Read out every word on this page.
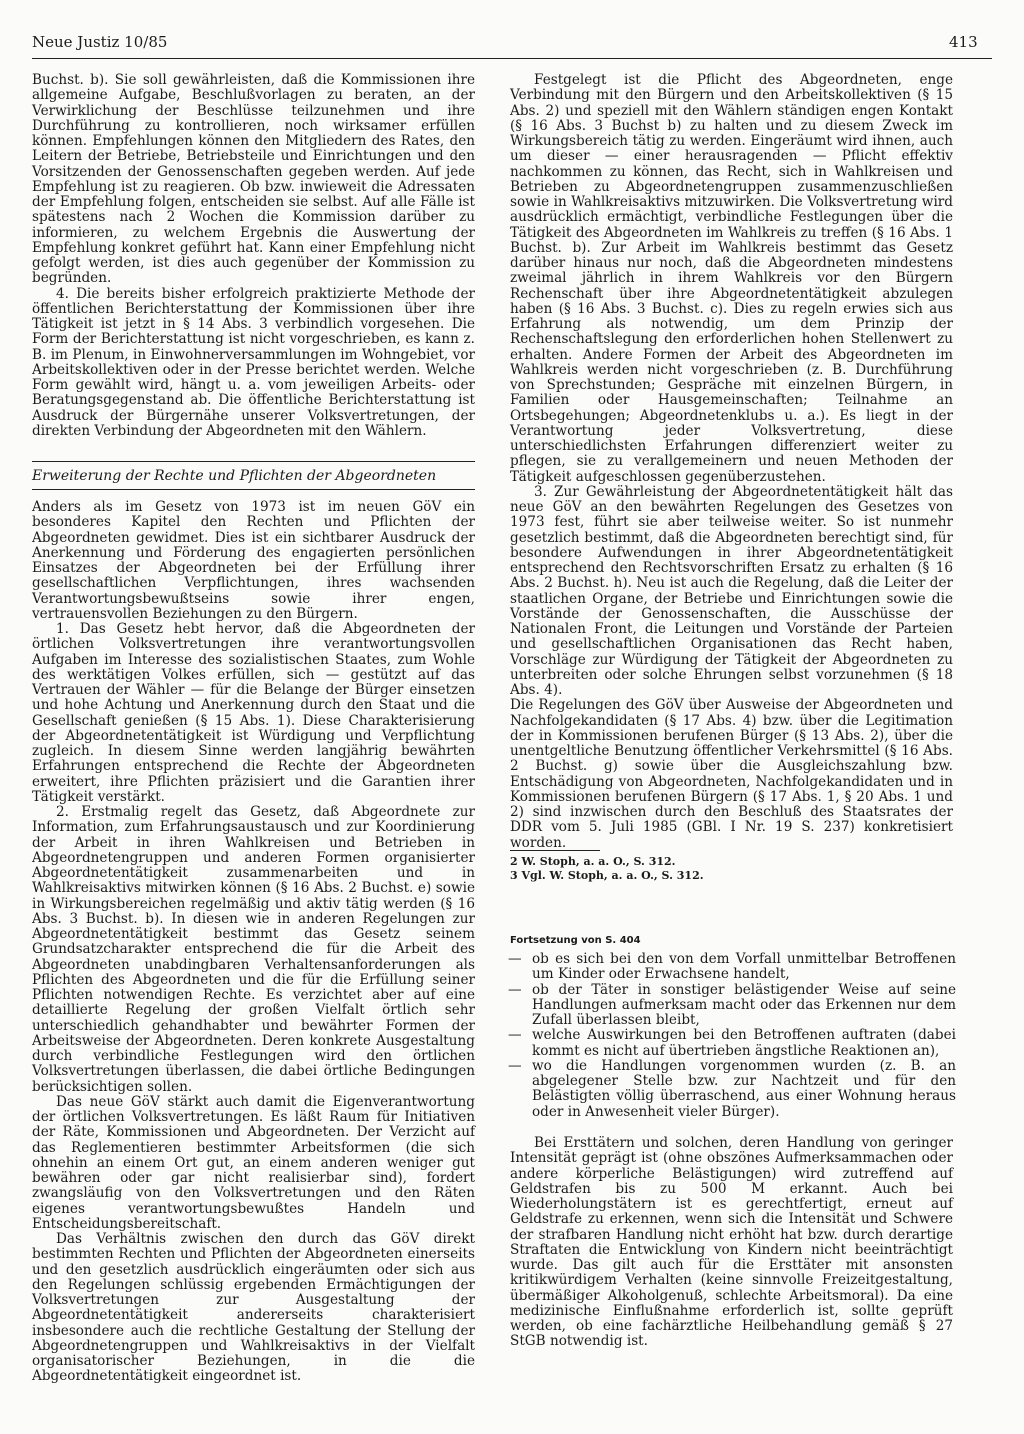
Neue Justiz 10/85	413

Buchst. b). Sie soll gewährleisten, daß die Kommissionen ihre allgemeine Aufgabe, Beschlußvorlagen zu beraten, an der Verwirklichung der Beschlüsse teilzunehmen und ihre Durchführung zu kontrollieren, noch wirksamer erfüllen können. Empfehlungen können den Mitgliedern des Rates, den Leitern der Betriebe, Betriebsteile und Einrichtungen und den Vorsitzenden der Genossenschaften gegeben werden. Auf jede Empfehlung ist zu reagieren. Ob bzw. inwieweit die Adressaten der Empfehlung folgen, entscheiden sie selbst. Auf alle Fälle ist spätestens nach 2 Wochen die Kommission darüber zu informieren, zu welchem Ergebnis die Auswertung der Empfehlung konkret geführt hat. Kann einer Empfehlung nicht gefolgt werden, ist dies auch gegenüber der Kommission zu begründen.

4. Die bereits bisher erfolgreich praktizierte Methode der öffentlichen Berichterstattung der Kommissionen über ihre Tätigkeit ist jetzt in § 14 Abs. 3 verbindlich vorgesehen. Die Form der Berichterstattung ist nicht vorgeschrieben, es kann z. B. im Plenum, in Einwohnerversammlungen im Wohngebiet, vor Arbeitskollektiven oder in der Presse berichtet werden. Welche Form gewählt wird, hängt u. a. vom jeweiligen Arbeits- oder Beratungsgegenstand ab. Die öffentliche Berichterstattung ist Ausdruck der Bürgernähe unserer Volksvertretungen, der direkten Verbindung der Abgeordneten mit den Wählern.

Erweiterung der Rechte und Pflichten der Abgeordneten

Anders als im Gesetz von 1973 ist im neuen GöV ein besonderes Kapitel den Rechten und Pflichten der Abgeordneten gewidmet. Dies ist ein sichtbarer Ausdruck der Anerkennung und Förderung des engagierten persönlichen Einsatzes der Abgeordneten bei der Erfüllung ihrer gesellschaftlichen Verpflichtungen, ihres wachsenden Verantwortungsbewußtseins sowie ihrer engen, vertrauensvollen Beziehungen zu den Bürgern.

1. Das Gesetz hebt hervor, daß die Abgeordneten der örtlichen Volksvertretungen ihre verantwortungsvollen Aufgaben im Interesse des sozialistischen Staates, zum Wohle des werktätigen Volkes erfüllen, sich — gestützt auf das Vertrauen der Wähler — für die Belange der Bürger einsetzen und hohe Achtung und Anerkennung durch den Staat und die Gesellschaft genießen (§ 15 Abs. 1). Diese Charakterisierung der Abgeordnetentätigkeit ist Würdigung und Verpflichtung zugleich. In diesem Sinne werden langjährig bewährten Erfahrungen entsprechend die Rechte der Abgeordneten erweitert, ihre Pflichten präzisiert und die Garantien ihrer Tätigkeit verstärkt.

2. Erstmalig regelt das Gesetz, daß Abgeordnete zur Information, zum Erfahrungsaustausch und zur Koordinierung der Arbeit in ihren Wahlkreisen und Betrieben in Abgeordnetengruppen und anderen Formen organisierter Abgeordnetentätigkeit zusammenarbeiten und in Wahlkreisaktivs mitwirken können (§ 16 Abs. 2 Buchst. e) sowie in Wirkungsbereichen regelmäßig und aktiv tätig werden (§ 16 Abs. 3 Buchst. b). In diesen wie in anderen Regelungen zur Abgeordnetentätigkeit bestimmt das Gesetz seinem Grundsatzcharakter entsprechend die für die Arbeit des Abgeordneten unabdingbaren Verhaltensanforderungen als Pflichten des Abgeordneten und die für die Erfüllung seiner Pflichten notwendigen Rechte. Es verzichtet aber auf eine detaillierte Regelung der großen Vielfalt örtlich sehr unterschiedlich gehandhabter und bewährter Formen der Arbeitsweise der Abgeordneten. Deren konkrete Ausgestaltung durch verbindliche Festlegungen wird den örtlichen Volksvertretungen überlassen, die dabei örtliche Bedingungen berücksichtigen sollen.

Das neue GöV stärkt auch damit die Eigenverantwortung der örtlichen Volksvertretungen. Es läßt Raum für Initiativen der Räte, Kommissionen und Abgeordneten. Der Verzicht auf das Reglementieren bestimmter Arbeitsformen (die sich ohnehin an einem Ort gut, an einem anderen weniger gut bewähren oder gar nicht realisierbar sind), fordert zwangsläufig von den Volksvertretungen und den Räten eigenes verantwortungsbewußtes Handeln und Entscheidungsbereitschaft.

Das Verhältnis zwischen den durch das GöV direkt bestimmten Rechten und Pflichten der Abgeordneten einerseits und den gesetzlich ausdrücklich eingeräumten oder sich aus den Regelungen schlüssig ergebenden Ermächtigungen der Volksvertretungen zur Ausgestaltung der Abgeordnetentätigkeit andererseits charakterisiert insbesondere auch die rechtliche Gestaltung der Stellung der Abgeordnetengruppen und Wahlkreisaktivs in der Vielfalt organisatorischer Beziehungen, in die die Abgeordnetentätigkeit eingeordnet ist.

Festgelegt ist die Pflicht des Abgeordneten, enge Verbindung mit den Bürgern und den Arbeitskollektiven (§ 15 Abs. 2) und speziell mit den Wählern ständigen engen Kontakt (§ 16 Abs. 3 Buchst b) zu halten und zu diesem Zweck im Wirkungsbereich tätig zu werden. Eingeräumt wird ihnen, auch um dieser — einer herausragenden — Pflicht effektiv nachkommen zu können, das Recht, sich in Wahlkreisen und Betrieben zu Abgeordnetengruppen zusammenzuschließen sowie in Wahlkreisaktivs mitzuwirken. Die Volksvertretung wird ausdrücklich ermächtigt, verbindliche Festlegungen über die Tätigkeit des Abgeordneten im Wahlkreis zu treffen (§ 16 Abs. 1 Buchst. b). Zur Arbeit im Wahlkreis bestimmt das Gesetz darüber hinaus nur noch, daß die Abgeordneten mindestens zweimal jährlich in ihrem Wahlkreis vor den Bürgern Rechenschaft über ihre Abgeordnetentätigkeit abzulegen haben (§ 16 Abs. 3 Buchst. c). Dies zu regeln erwies sich aus Erfahrung als notwendig, um dem Prinzip der Rechenschaftslegung den erforderlichen hohen Stellenwert zu erhalten. Andere Formen der Arbeit des Abgeordneten im Wahlkreis werden nicht vorgeschrieben (z. B. Durchführung von Sprechstunden; Gespräche mit einzelnen Bürgern, in Familien oder Hausgemeinschaften; Teilnahme an Ortsbegehungen; Abgeordnetenklubs u. a.). Es liegt in der Verantwortung jeder Volksvertretung, diese unterschiedlichsten Erfahrungen differenziert weiter zu pflegen, sie zu verallgemeinern und neuen Methoden der Tätigkeit aufgeschlossen gegenüberzustehen.

3. Zur Gewährleistung der Abgeordnetentätigkeit hält das neue GöV an den bewährten Regelungen des Gesetzes von 1973 fest, führt sie aber teilweise weiter. So ist nunmehr gesetzlich bestimmt, daß die Abgeordneten berechtigt sind, für besondere Aufwendungen in ihrer Abgeordnetentätigkeit entsprechend den Rechtsvorschriften Ersatz zu erhalten (§ 16 Abs. 2 Buchst. h). Neu ist auch die Regelung, daß die Leiter der staatlichen Organe, der Betriebe und Einrichtungen sowie die Vorstände der Genossenschaften, die Ausschüsse der Nationalen Front, die Leitungen und Vorstände der Parteien und gesellschaftlichen Organisationen das Recht haben, Vorschläge zur Würdigung der Tätigkeit der Abgeordneten zu unterbreiten oder solche Ehrungen selbst vorzunehmen (§ 18 Abs. 4).

Die Regelungen des GöV über Ausweise der Abgeordneten und Nachfolgekandidaten (§ 17 Abs. 4) bzw. über die Legitimation der in Kommissionen berufenen Bürger (§ 13 Abs. 2), über die unentgeltliche Benutzung öffentlicher Verkehrsmittel (§ 16 Abs. 2 Buchst. g) sowie über die Ausgleichszahlung bzw. Entschädigung von Abgeordneten, Nachfolgekandidaten und in Kommissionen berufenen Bürgern (§ 17 Abs. 1, § 20 Abs. 1 und 2) sind inzwischen durch den Beschluß des Staatsrates der DDR vom 5. Juli 1985 (GBl. I Nr. 19 S. 237) konkretisiert worden.

2 W. Stoph, a. a. O., S. 312.
3 Vgl. W. Stoph, a. a. O., S. 312.
Fortsetzung von S. 404
— ob es sich bei den von dem Vorfall unmittelbar Betroffenen um Kinder oder Erwachsene handelt,
— ob der Täter in sonstiger belästigender Weise auf seine Handlungen aufmerksam macht oder das Erkennen nur dem Zufall überlassen bleibt,
— welche Auswirkungen bei den Betroffenen auftraten (dabei kommt es nicht auf übertrieben ängstliche Reaktionen an),
— wo die Handlungen vorgenommen wurden (z. B. an abgelegener Stelle bzw. zur Nachtzeit und für den Belästigten völlig überraschend, aus einer Wohnung heraus oder in Anwesenheit vieler Bürger).

Bei Ersttätern und solchen, deren Handlung von geringer Intensität geprägt ist (ohne obszönes Aufmerksammachen oder andere körperliche Belästigungen) wird zutreffend auf Geldstrafen bis zu 500 M erkannt. Auch bei Wiederholungstätern ist es gerechtfertigt, erneut auf Geldstrafe zu erkennen, wenn sich die Intensität und Schwere der strafbaren Handlung nicht erhöht hat bzw. durch derartige Straftaten die Entwicklung von Kindern nicht beeinträchtigt wurde. Das gilt auch für die Ersttäter mit ansonsten kritikwürdigem Verhalten (keine sinnvolle Freizeitgestaltung, übermäßiger Alkoholgenuß, schlechte Arbeitsmoral). Da eine medizinische Einflußnahme erforderlich ist, sollte geprüft werden, ob eine fachärztliche Heilbehandlung gemäß § 27 StGB notwendig ist.
